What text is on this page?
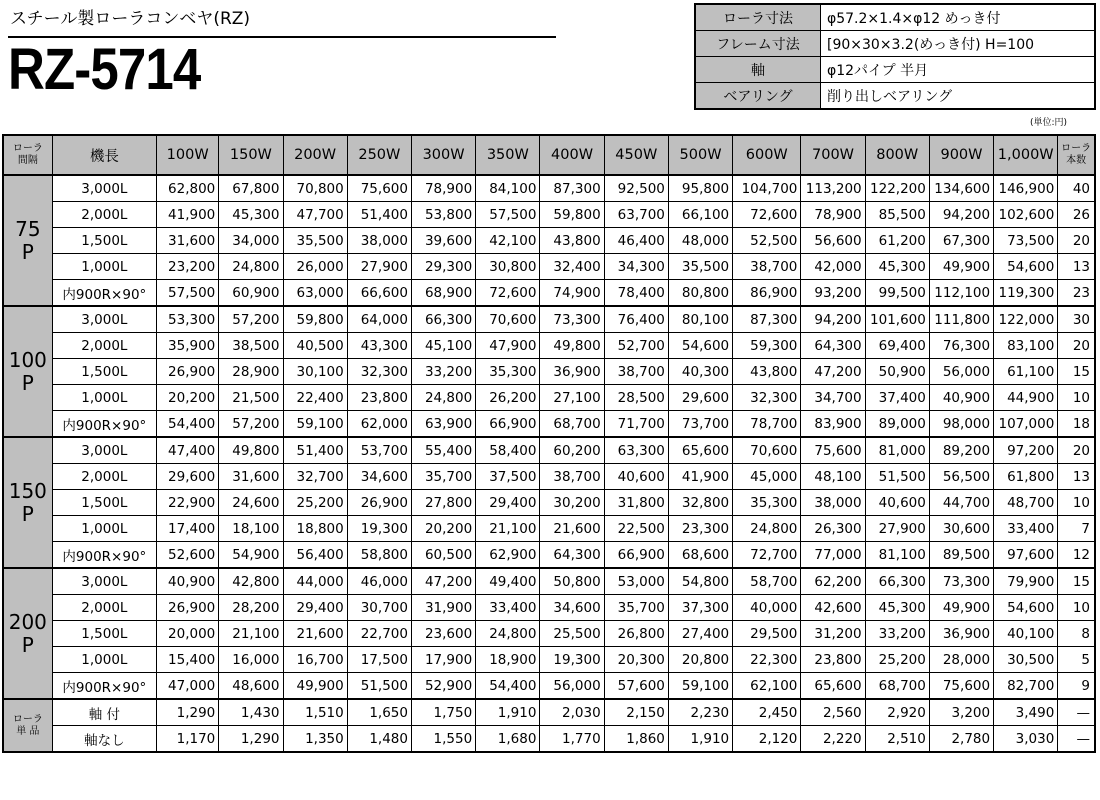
スチール製ローラコンベヤ(RZ)
RZ-5714
ローラ寸法	φ57.2×1.4×φ12 めっき付
フレーム寸法	[90×30×3.2(めっき付) H=100
軸	φ12パイプ 半月
ベアリング	削り出しベアリング
(単位:円)
ローラ
間隔	機長	100W	150W	200W	250W	300W	350W	400W	450W	500W	600W	700W	800W	900W	1,000W	ローラ
本数
75
P	3,000L	62,800	67,800	70,800	75,600	78,900	84,100	87,300	92,500	95,800	104,700	113,200	122,200	134,600	146,900	40
	2,000L	41,900	45,300	47,700	51,400	53,800	57,500	59,800	63,700	66,100	72,600	78,900	85,500	94,200	102,600	26
	1,500L	31,600	34,000	35,500	38,000	39,600	42,100	43,800	46,400	48,000	52,500	56,600	61,200	67,300	73,500	20
	1,000L	23,200	24,800	26,000	27,900	29,300	30,800	32,400	34,300	35,500	38,700	42,000	45,300	49,900	54,600	13
	内900R×90°	57,500	60,900	63,000	66,600	68,900	72,600	74,900	78,400	80,800	86,900	93,200	99,500	112,100	119,300	23
100
P	3,000L	53,300	57,200	59,800	64,000	66,300	70,600	73,300	76,400	80,100	87,300	94,200	101,600	111,800	122,000	30
	2,000L	35,900	38,500	40,500	43,300	45,100	47,900	49,800	52,700	54,600	59,300	64,300	69,400	76,300	83,100	20
	1,500L	26,900	28,900	30,100	32,300	33,200	35,300	36,900	38,700	40,300	43,800	47,200	50,900	56,000	61,100	15
	1,000L	20,200	21,500	22,400	23,800	24,800	26,200	27,100	28,500	29,600	32,300	34,700	37,400	40,900	44,900	10
	内900R×90°	54,400	57,200	59,100	62,000	63,900	66,900	68,700	71,700	73,700	78,700	83,900	89,000	98,000	107,000	18
150
P	3,000L	47,400	49,800	51,400	53,700	55,400	58,400	60,200	63,300	65,600	70,600	75,600	81,000	89,200	97,200	20
	2,000L	29,600	31,600	32,700	34,600	35,700	37,500	38,700	40,600	41,900	45,000	48,100	51,500	56,500	61,800	13
	1,500L	22,900	24,600	25,200	26,900	27,800	29,400	30,200	31,800	32,800	35,300	38,000	40,600	44,700	48,700	10
	1,000L	17,400	18,100	18,800	19,300	20,200	21,100	21,600	22,500	23,300	24,800	26,300	27,900	30,600	33,400	7
	内900R×90°	52,600	54,900	56,400	58,800	60,500	62,900	64,300	66,900	68,600	72,700	77,000	81,100	89,500	97,600	12
200
P	3,000L	40,900	42,800	44,000	46,000	47,200	49,400	50,800	53,000	54,800	58,700	62,200	66,300	73,300	79,900	15
	2,000L	26,900	28,200	29,400	30,700	31,900	33,400	34,600	35,700	37,300	40,000	42,600	45,300	49,900	54,600	10
	1,500L	20,000	21,100	21,600	22,700	23,600	24,800	25,500	26,800	27,400	29,500	31,200	33,200	36,900	40,100	8
	1,000L	15,400	16,000	16,700	17,500	17,900	18,900	19,300	20,300	20,800	22,300	23,800	25,200	28,000	30,500	5
	内900R×90°	47,000	48,600	49,900	51,500	52,900	54,400	56,000	57,600	59,100	62,100	65,600	68,700	75,600	82,700	9
ローラ
単 品	軸 付	1,290	1,430	1,510	1,650	1,750	1,910	2,030	2,150	2,230	2,450	2,560	2,920	3,200	3,490	—
	軸なし	1,170	1,290	1,350	1,480	1,550	1,680	1,770	1,860	1,910	2,120	2,220	2,510	2,780	3,030	—
